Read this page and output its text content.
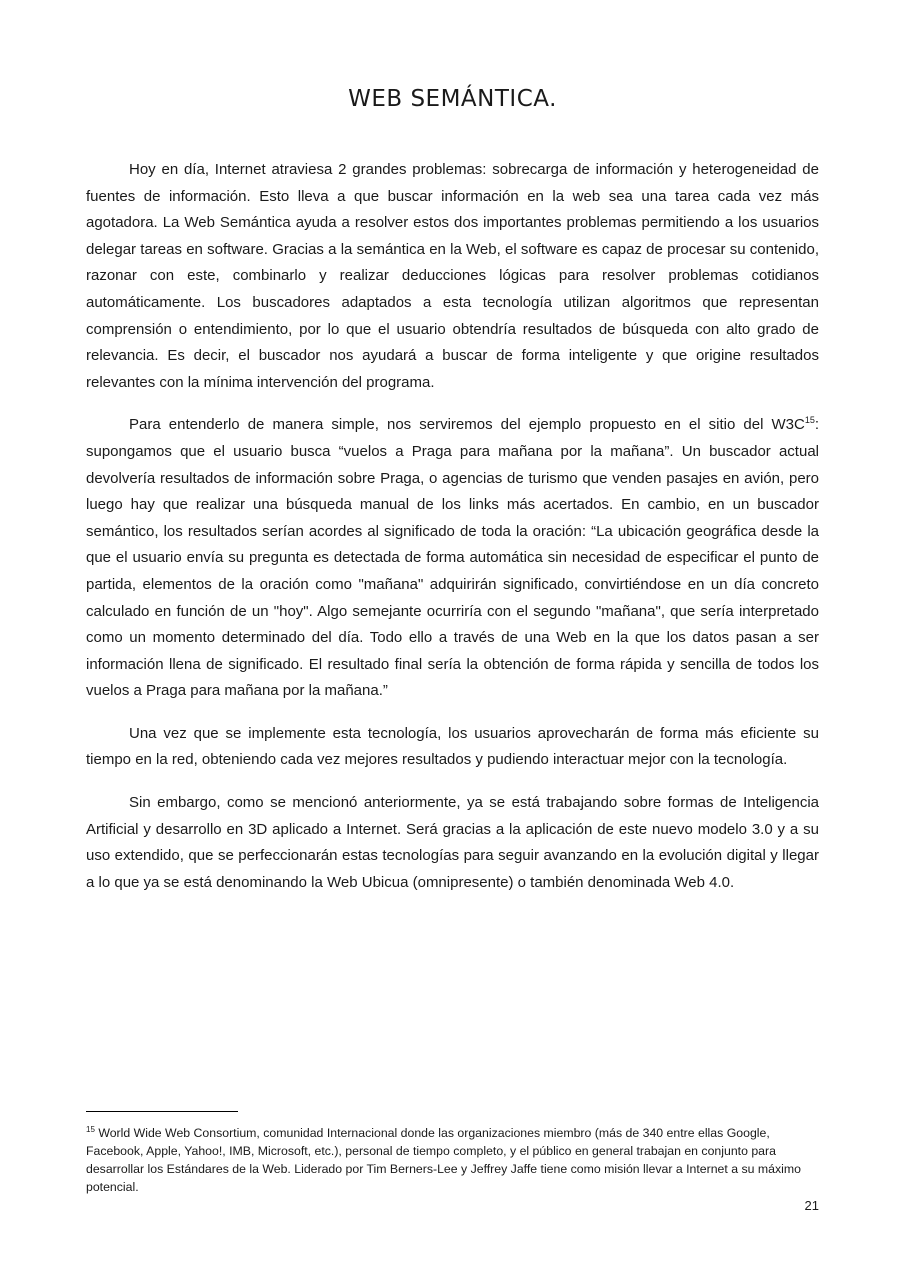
WEB SEMÁNTICA.

Hoy en día, Internet atraviesa 2 grandes problemas: sobrecarga de información y heterogeneidad de fuentes de información. Esto lleva a que buscar información en la web sea una tarea cada vez más agotadora. La Web Semántica ayuda a resolver estos dos importantes problemas permitiendo a los usuarios delegar tareas en software. Gracias a la semántica en la Web, el software es capaz de procesar su contenido, razonar con este, combinarlo y realizar deducciones lógicas para resolver problemas cotidianos automáticamente. Los buscadores adaptados a esta tecnología utilizan algoritmos que representan comprensión o entendimiento, por lo que el usuario obtendría resultados de búsqueda con alto grado de relevancia. Es decir, el buscador nos ayudará a buscar de forma inteligente y que origine resultados relevantes con la mínima intervención del programa.

Para entenderlo de manera simple, nos serviremos del ejemplo propuesto en el sitio del $W3C^{15}$: supongamos que el usuario busca “vuelos a Praga para mañana por la mañana”. Un buscador actual devolvería resultados de información sobre Praga, o agencias de turismo que venden pasajes en avión, pero luego hay que realizar una búsqueda manual de los links más acertados. En cambio, en un buscador semántico, los resultados serían acordes al significado de toda la oración: “La ubicación geográfica desde la que el usuario envía su pregunta es detectada de forma automática sin necesidad de especificar el punto de partida, elementos de la oración como "mañana" adquirirán significado, convirtiéndose en un día concreto calculado en función de un "hoy". Algo semejante ocurriría con el segundo "mañana", que sería interpretado como un momento determinado del día. Todo ello a través de una Web en la que los datos pasan a ser información llena de significado. El resultado final sería la obtención de forma rápida y sencilla de todos los vuelos a Praga para mañana por la mañana.”

Una vez que se implemente esta tecnología, los usuarios aprovecharán de forma más eficiente su tiempo en la red, obteniendo cada vez mejores resultados y pudiendo interactuar mejor con la tecnología.

Sin embargo, como se mencionó anteriormente, ya se está trabajando sobre formas de Inteligencia Artificial y desarrollo en 3D aplicado a Internet. Será gracias a la aplicación de este nuevo modelo 3.0 y a su uso extendido, que se perfeccionarán estas tecnologías para seguir avanzando en la evolución digital y llegar a lo que ya se está denominando la Web Ubicua (omnipresente) o también denominada Web 4.0.

$^{15}$ World Wide Web Consortium, comunidad Internacional donde las organizaciones miembro (más de 340 entre ellas Google, Facebook, Apple, Yahoo!, IMB, Microsoft, etc.), personal de tiempo completo, y el público en general trabajan en conjunto para desarrollar los Estándares de la Web. Liderado por Tim Berners-Lee y Jeffrey Jaffe tiene como misión llevar a Internet a su máximo potencial.

21
